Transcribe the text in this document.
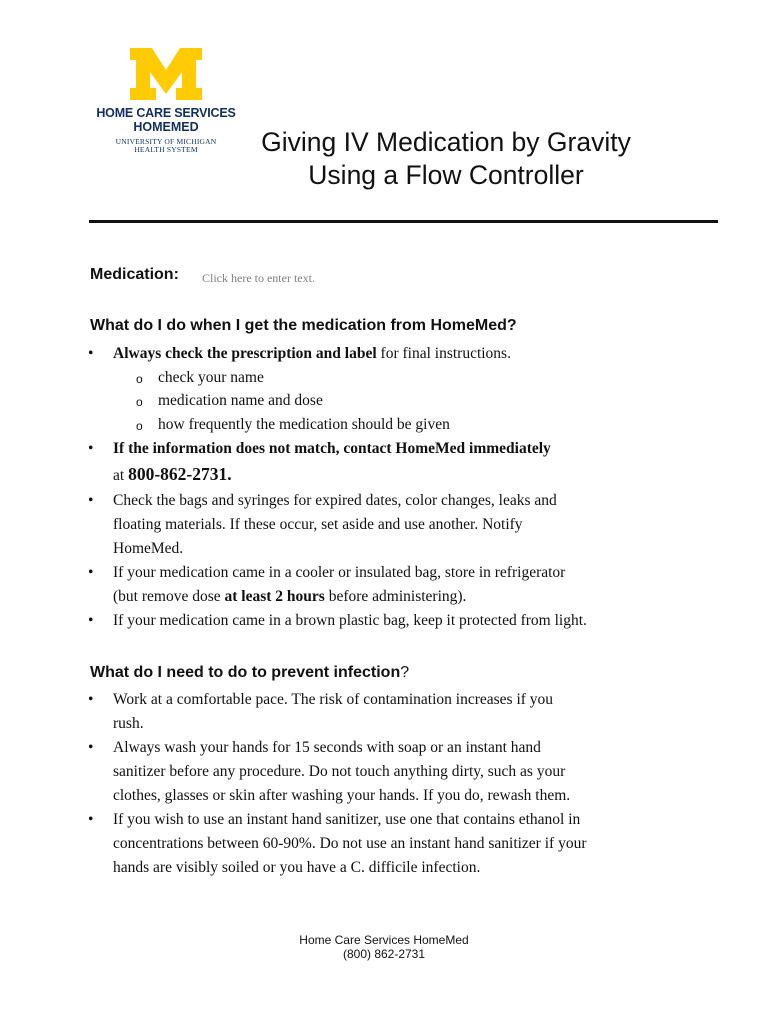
HOME CARE SERVICES
HOMEMED
UNIVERSITY OF MICHIGAN
HEALTH SYSTEM	Giving IV Medication by Gravity
Using a Flow Controller
Medication: Click here to enter text.
What do I do when I get the medication from HomeMed?
• Always check the prescription and label for final instructions.
o check your name
o medication name and dose
o how frequently the medication should be given
• If the information does not match, contact HomeMed immediately
at 800-862-2731.
• Check the bags and syringes for expired dates, color changes, leaks and
floating materials. If these occur, set aside and use another. Notify
HomeMed.
• If your medication came in a cooler or insulated bag, store in refrigerator
(but remove dose at least 2 hours before administering).
• If your medication came in a brown plastic bag, keep it protected from light.
What do I need to do to prevent infection?
• Work at a comfortable pace. The risk of contamination increases if you
rush.
• Always wash your hands for 15 seconds with soap or an instant hand
sanitizer before any procedure. Do not touch anything dirty, such as your
clothes, glasses or skin after washing your hands. If you do, rewash them.
• If you wish to use an instant hand sanitizer, use one that contains ethanol in
concentrations between 60-90%. Do not use an instant hand sanitizer if your
hands are visibly soiled or you have a C. difficile infection.
Home Care Services HomeMed
(800) 862-2731
